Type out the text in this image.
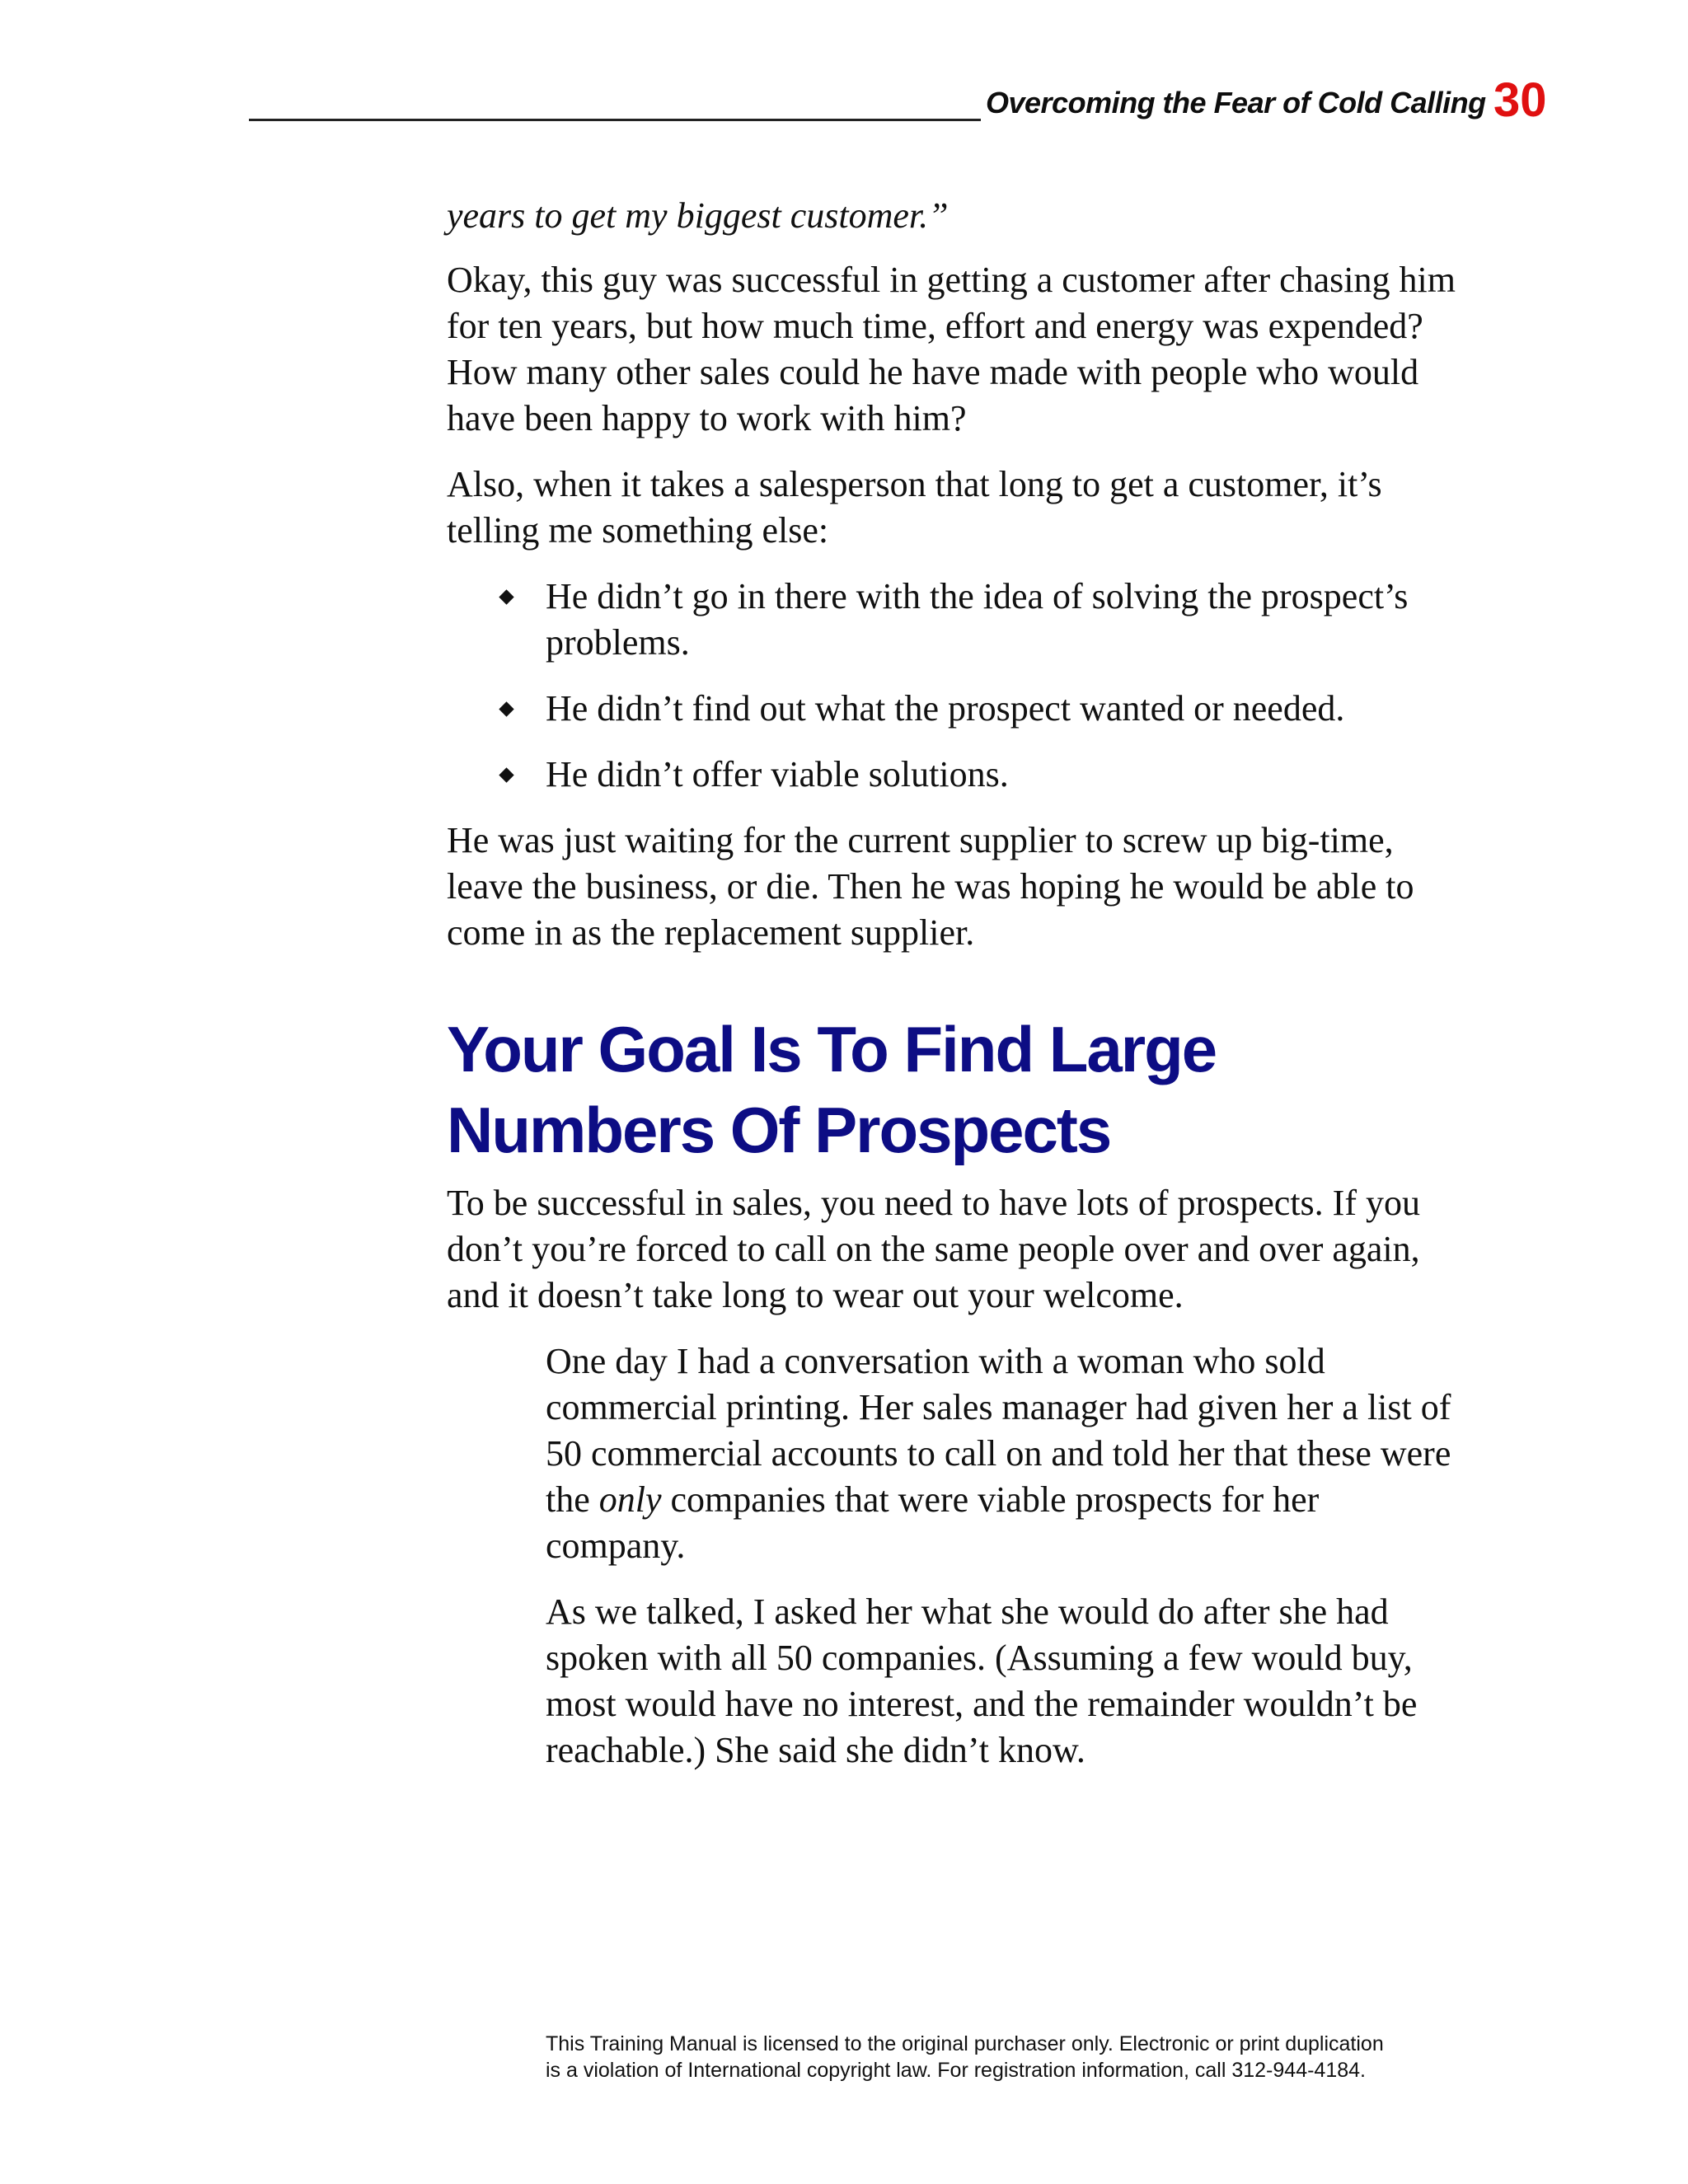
Overcoming the Fear of Cold Calling 30

years to get my biggest customer.”

Okay, this guy was successful in getting a customer after chasing him for ten years, but how much time, effort and energy was expended? How many other sales could he have made with people who would have been happy to work with him?

Also, when it takes a salesperson that long to get a customer, it’s telling me something else:

He didn’t go in there with the idea of solving the prospect’s problems.
He didn’t find out what the prospect wanted or needed.
He didn’t offer viable solutions.

He was just waiting for the current supplier to screw up big-time, leave the business, or die. Then he was hoping he would be able to come in as the replacement supplier.

Your Goal Is To Find Large Numbers Of Prospects

To be successful in sales, you need to have lots of prospects. If you don’t you’re forced to call on the same people over and over again, and it doesn’t take long to wear out your welcome.

One day I had a conversation with a woman who sold commercial printing. Her sales manager had given her a list of 50 commercial accounts to call on and told her that these were the only companies that were viable prospects for her company.

As we talked, I asked her what she would do after she had spoken with all 50 companies. (Assuming a few would buy, most would have no interest, and the remainder wouldn’t be reachable.) She said she didn’t know.

This Training Manual is licensed to the original purchaser only. Electronic or print duplication
is a violation of International copyright law. For registration information, call 312-944-4184.
